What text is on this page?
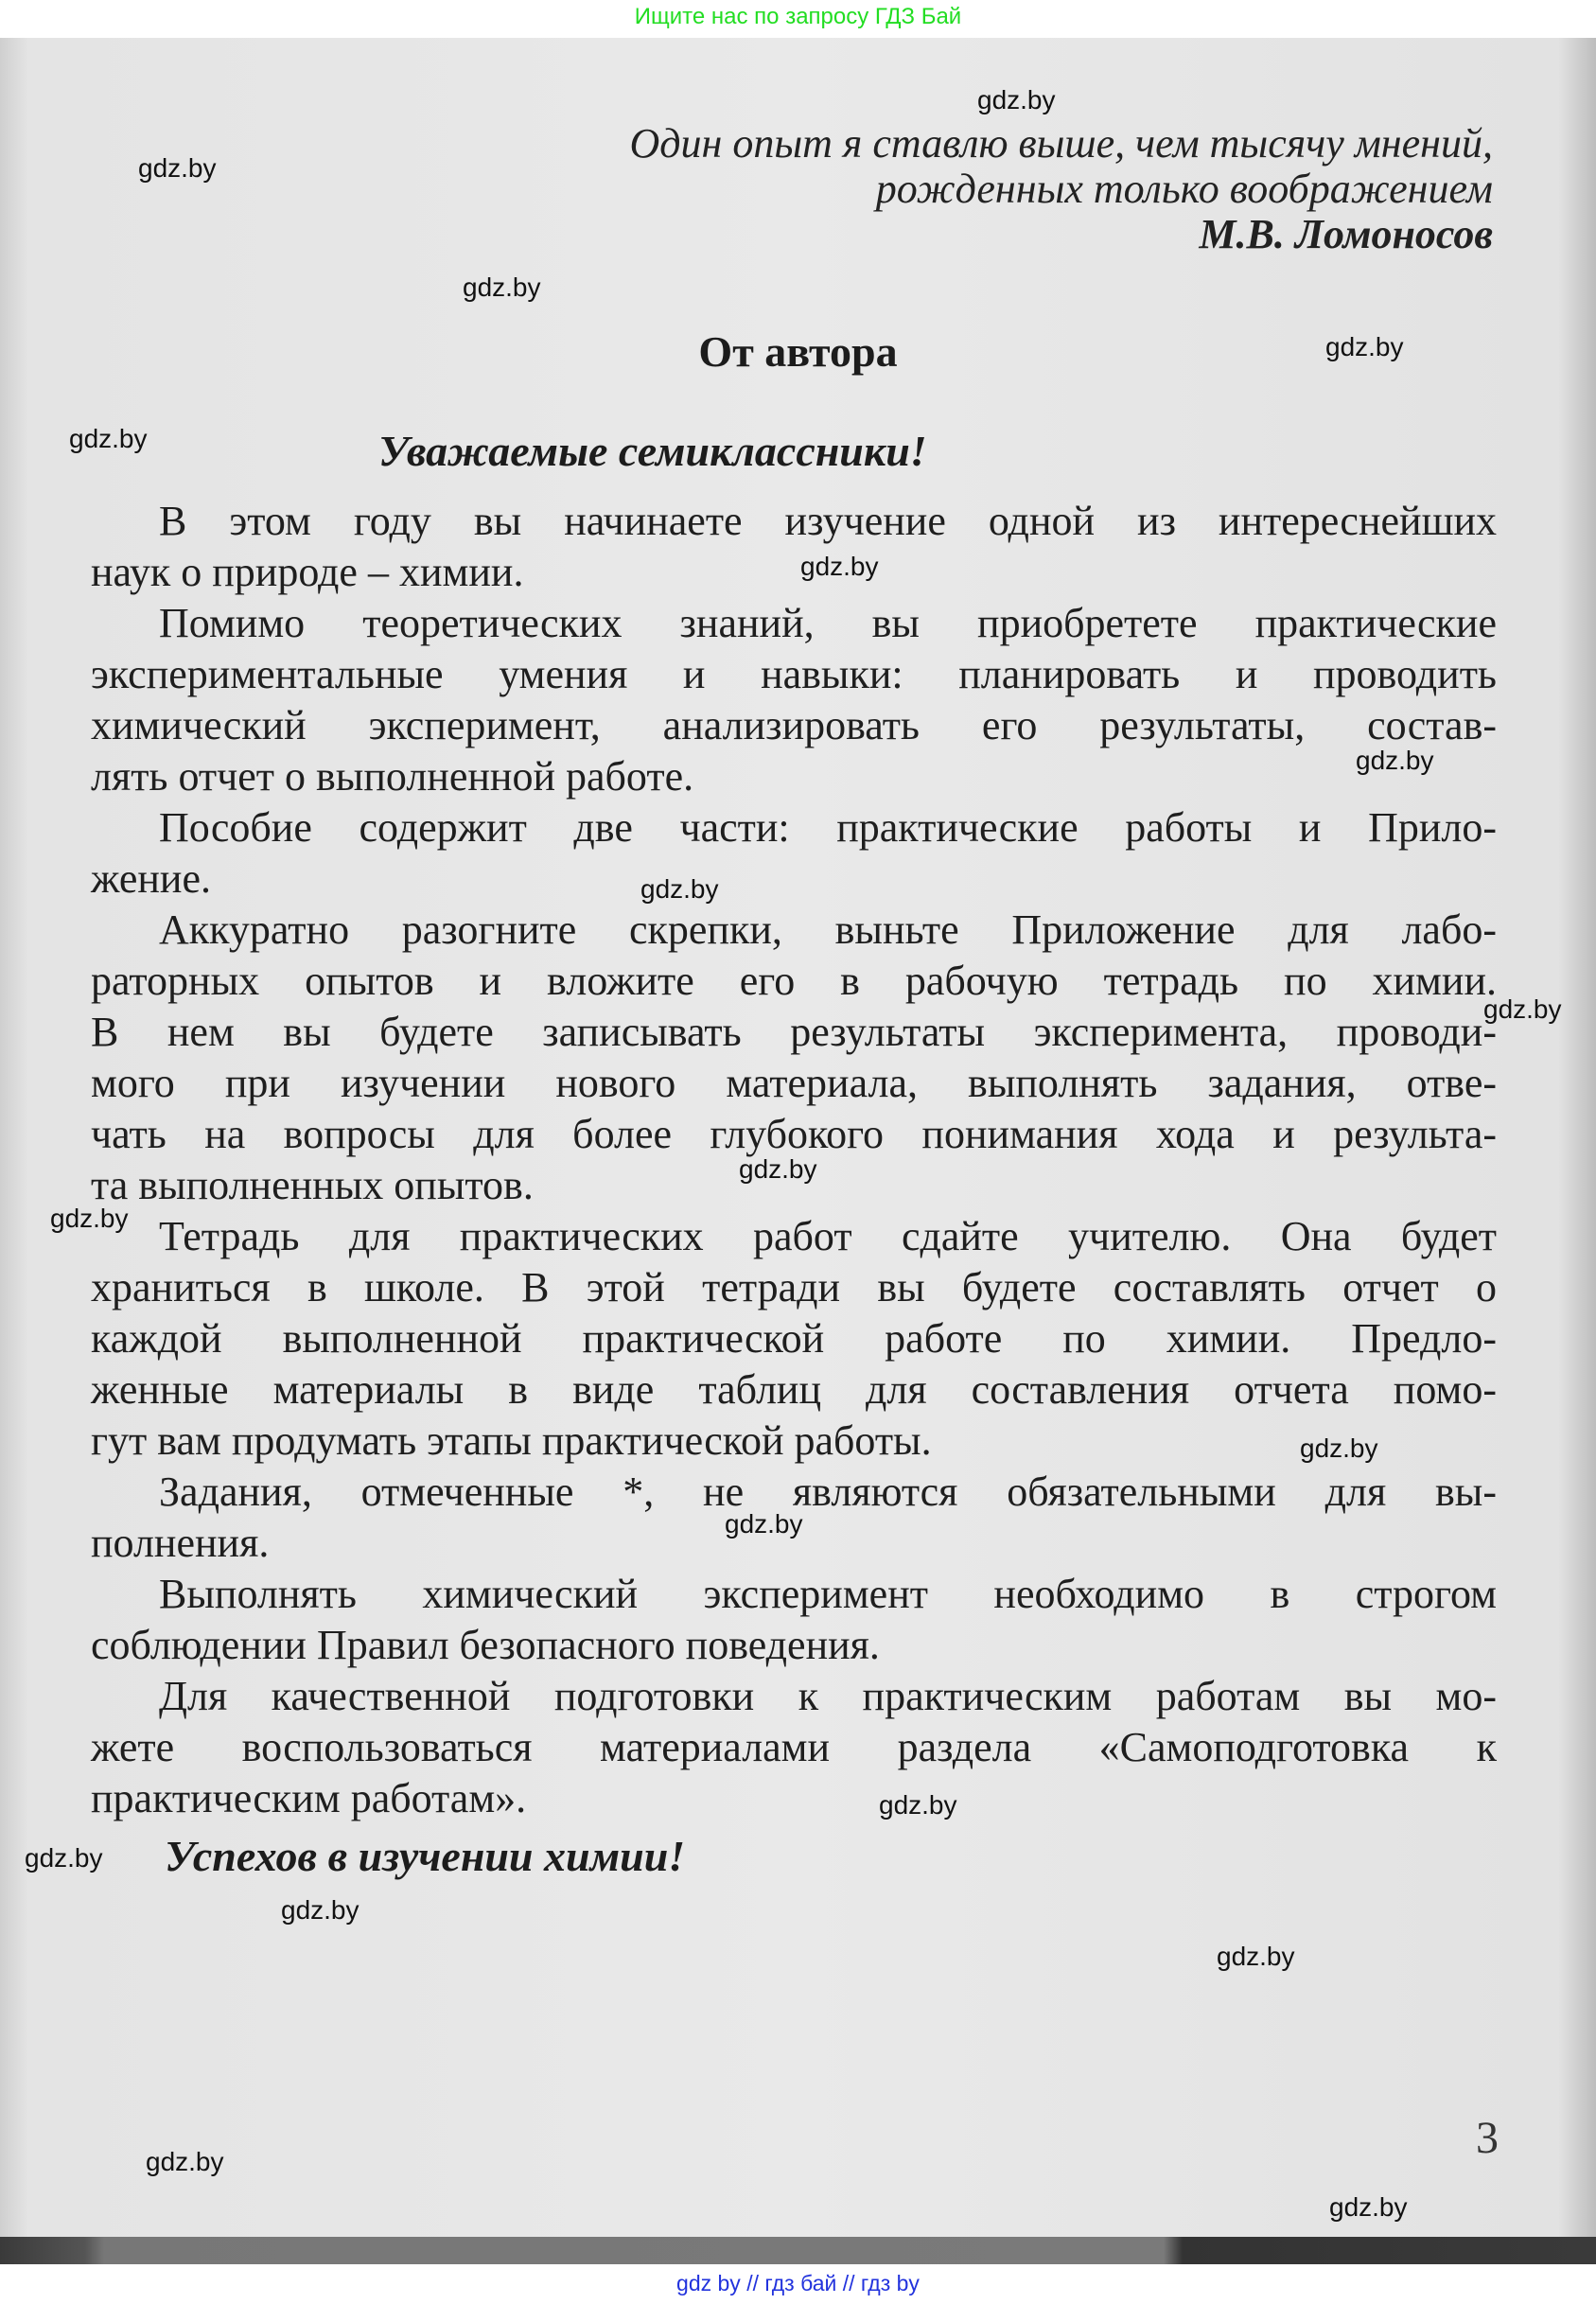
Ищите нас по запросу ГДЗ Бай
Один опыт я ставлю выше, чем тысячу мнений,
рожденных только воображением
М.В. Ломоносов
От автора
Уважаемые семиклассники!
В этом году вы начинаете изучение одной из интереснейших
наук о природе – химии.
Помимо теоретических знаний, вы приобретете практические
экспериментальные умения и навыки: планировать и проводить
химический эксперимент, анализировать его результаты, состав-
лять отчет о выполненной работе.
Пособие содержит две части: практические работы и Прило-
жение.
Аккуратно разогните скрепки, выньте Приложение для лабо-
раторных опытов и вложите его в рабочую тетрадь по химии.
В нем вы будете записывать результаты эксперимента, проводи-
мого при изучении нового материала, выполнять задания, отве-
чать на вопросы для более глубокого понимания хода и результа-
та выполненных опытов.
Тетрадь для практических работ сдайте учителю. Она будет
храниться в школе. В этой тетради вы будете составлять отчет о
каждой выполненной практической работе по химии. Предло-
женные материалы в виде таблиц для составления отчета помо-
гут вам продумать этапы практической работы.
Задания, отмеченные *, не являются обязательными для вы-
полнения.
Выполнять химический эксперимент необходимо в строгом
соблюдении Правил безопасного поведения.
Для качественной подготовки к практическим работам вы мо-
жете воспользоваться материалами раздела «Самоподготовка к
практическим работам».
Успехов в изучении химии!
3
gdz.by
gdz.by
gdz.by
gdz.by
gdz.by
gdz.by
gdz.by
gdz.by
gdz.by
gdz.by
gdz.by
gdz.by
gdz.by
gdz.by
gdz.by
gdz.by
gdz.by
gdz.by
gdz.by
gdz by // гдз бай // гдз by
